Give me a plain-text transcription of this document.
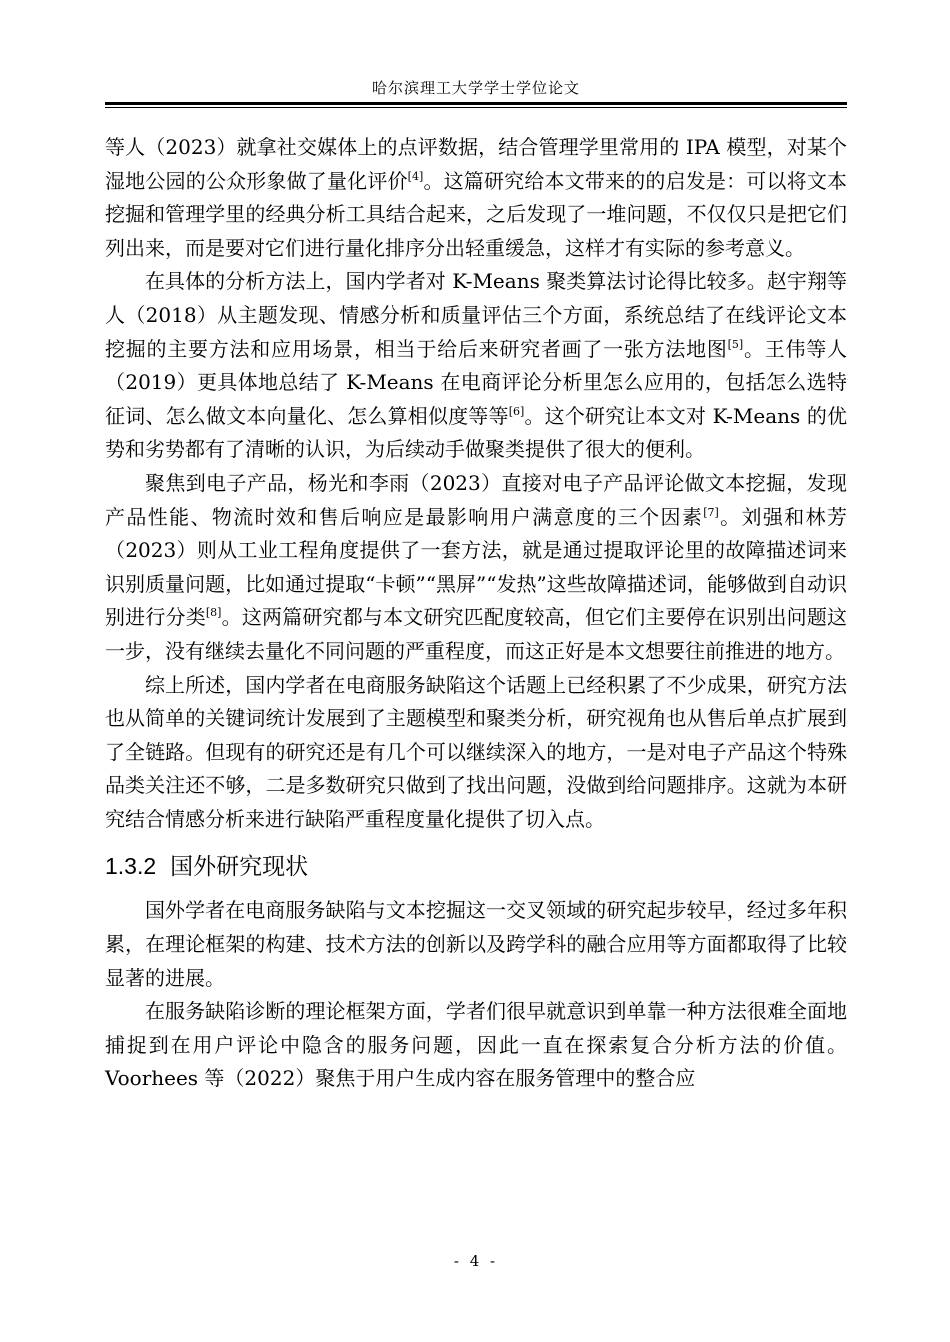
哈尔滨理工大学学士学位论文

等人（2023）就拿社交媒体上的点评数据，结合管理学里常用的 IPA 模型，对某个湿地公园的公众形象做了量化评价[4]。这篇研究给本文带来的的启发是：可以将文本挖掘和管理学里的经典分析工具结合起来，之后发现了一堆问题，不仅仅只是把它们列出来，而是要对它们进行量化排序分出轻重缓急，这样才有实际的参考意义。

在具体的分析方法上，国内学者对 K-Means 聚类算法讨论得比较多。赵宇翔等人（2018）从主题发现、情感分析和质量评估三个方面，系统总结了在线评论文本挖掘的主要方法和应用场景，相当于给后来研究者画了一张方法地图[5]。王伟等人（2019）更具体地总结了 K-Means 在电商评论分析里怎么应用的，包括怎么选特征词、怎么做文本向量化、怎么算相似度等等[6]。这个研究让本文对 K-Means 的优势和劣势都有了清晰的认识，为后续动手做聚类提供了很大的便利。

聚焦到电子产品，杨光和李雨（2023）直接对电子产品评论做文本挖掘，发现产品性能、物流时效和售后响应是最影响用户满意度的三个因素[7]。刘强和林芳（2023）则从工业工程角度提供了一套方法，就是通过提取评论里的故障描述词来识别质量问题，比如通过提取“卡顿”“黑屏”“发热”这些故障描述词，能够做到自动识别进行分类[8]。这两篇研究都与本文研究匹配度较高，但它们主要停在识别出问题这一步，没有继续去量化不同问题的严重程度，而这正好是本文想要往前推进的地方。

综上所述，国内学者在电商服务缺陷这个话题上已经积累了不少成果，研究方法也从简单的关键词统计发展到了主题模型和聚类分析，研究视角也从售后单点扩展到了全链路。但现有的研究还是有几个可以继续深入的地方，一是对电子产品这个特殊品类关注还不够，二是多数研究只做到了找出问题，没做到给问题排序。这就为本研究结合情感分析来进行缺陷严重程度量化提供了切入点。

1.3.2 国外研究现状

国外学者在电商服务缺陷与文本挖掘这一交叉领域的研究起步较早，经过多年积累，在理论框架的构建、技术方法的创新以及跨学科的融合应用等方面都取得了比较显著的进展。

在服务缺陷诊断的理论框架方面，学者们很早就意识到单靠一种方法很难全面地捕捉到在用户评论中隐含的服务问题，因此一直在探索复合分析方法的价值。Voorhees 等（2022）聚焦于用户生成内容在服务管理中的整合应

- 4 -
